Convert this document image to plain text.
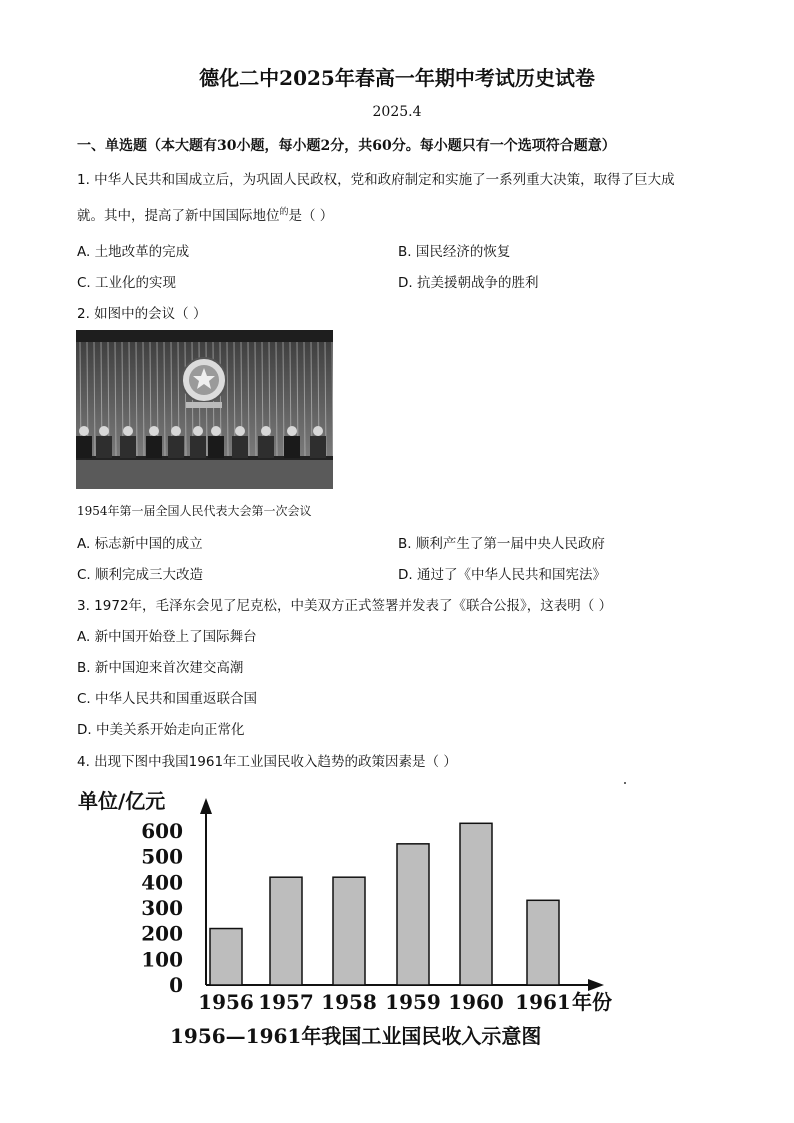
德化二中2025年春高一年期中考试历史试卷
2025.4
一、单选题（本大题有30小题，每小题2分，共60分。每小题只有一个选项符合题意）
1. 中华人民共和国成立后，为巩固人民政权，党和政府制定和实施了一系列重大决策，取得了巨大成
就。其中，提高了新中国国际地位$^的$是（ ）
A. 土地改革的完成	B. 国民经济的恢复
C. 工业化的实现	D. 抗美援朝战争的胜利
2. 如图中的会议（ ）
1954年第一届全国人民代表大会第一次会议
A. 标志新中国的成立	B. 顺利产生了第一届中央人民政府
C. 顺利完成三大改造	D. 通过了《中华人民共和国宪法》
3. 1972年，毛泽东会见了尼克松，中美双方正式签署并发表了《联合公报》，这表明（ ）
A. 新中国开始登上了国际舞台
B. 新中国迎来首次建交高潮
C. 中华人民共和国重返联合国
D. 中美关系开始走向正常化
4. 出现下图中我国1961年工业国民收入趋势的政策因素是（ ）
单位/亿元
年份
1956—1961年我国工业国民收入示意图
0
100
200
300
400
500
600
1956 1957 1958 1959 1960 1961
